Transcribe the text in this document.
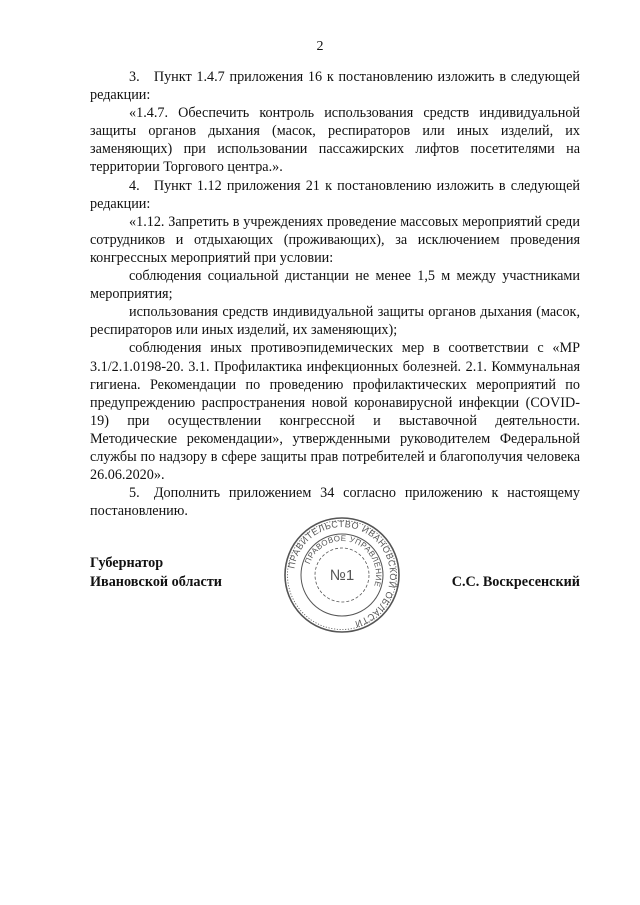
2

3. Пункт 1.4.7 приложения 16 к постановлению изложить в следующей редакции:

«1.4.7. Обеспечить контроль использования средств индивидуальной защиты органов дыхания (масок, респираторов или иных изделий, их заменяющих) при использовании пассажирских лифтов посетителями на территории Торгового центра.».

4. Пункт 1.12 приложения 21 к постановлению изложить в следующей редакции:

«1.12. Запретить в учреждениях проведение массовых мероприятий среди сотрудников и отдыхающих (проживающих), за исключением проведения конгрессных мероприятий при условии:

соблюдения социальной дистанции не менее 1,5 м между участниками мероприятия;

использования средств индивидуальной защиты органов дыхания (масок, респираторов или иных изделий, их заменяющих);

соблюдения иных противоэпидемических мер в соответствии с «МР 3.1/2.1.0198-20. 3.1. Профилактика инфекционных болезней. 2.1. Коммунальная гигиена. Рекомендации по проведению профилактических мероприятий по предупреждению распространения новой коронавирусной инфекции (COVID-19) при осуществлении конгрессной и выставочной деятельности. Методические рекомендации», утвержденными руководителем Федеральной службы по надзору в сфере защиты прав потребителей и благополучия человека 26.06.2020».

5. Дополнить приложением 34 согласно приложению к настоящему постановлению.

Губернатор
Ивановской области
ПРАВИТЕЛЬСТВО ИВАНОВСКОЙ ОБЛАСТИ
ПРАВОВОЕ УПРАВЛЕНИЕ
№1	С.С. Воскресенский
